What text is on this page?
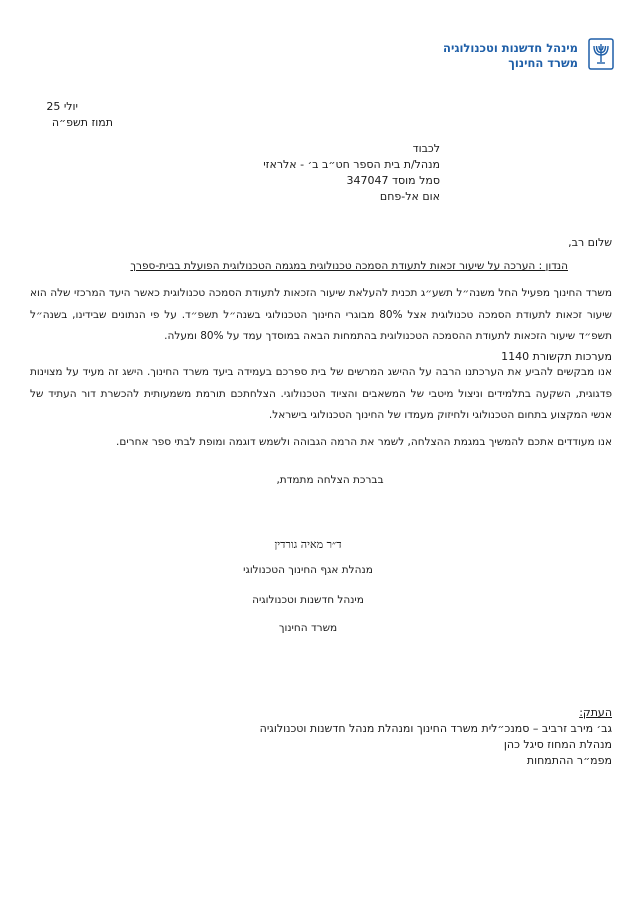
מינהל חדשנות וטכנולוגיה
משרד החינוך
יולי 25
תמוז תשפ״ה
לכבוד
מנהל/ת בית הספר חט״ב ב׳ - אלראזי
סמל מוסד 347047
אום אל-פחם
שלום רב,
הנדון : הערכה על שיעור זכאות לתעודת הסמכה טכנולוגית במגמה הטכנולוגית הפועלת בבית-ספרך
משרד החינוך מפעיל החל משנה״ל תשע״ג תכנית להעלאת שיעור הזכאות לתעודת הסמכה טכנולוגית כאשר היעד המרכזי שלה הוא שיעור זכאות לתעודת הסמכה טכנולוגית אצל 80% מבוגרי החינוך הטכנולוגי בשנה״ל תשפ״ד. על פי הנתונים שבידינו, בשנה״ל תשפ״ד שיעור הזכאות לתעודת ההסמכה הטכנולוגית בהתמחות הבאה במוסדך עמד על 80% ומעלה.
מערכות תקשורת 1140
אנו מבקשים להביע את הערכתנו הרבה על ההישג המרשים של בית ספרכם בעמידה ביעד משרד החינוך. הישג זה מעיד על מצוינות פדגוגית, השקעה בתלמידים וניצול מיטבי של המשאבים והציוד הטכנולוגי. הצלחתכם תורמת משמעותית להכשרת דור העתיד של אנשי המקצוע בתחום הטכנולוגי ולחיזוק מעמדו של החינוך הטכנולוגי בישראל.
אנו מעודדים אתכם להמשיך במגמת ההצלחה, לשמר את הרמה הגבוהה ולשמש דוגמה ומופת לבתי ספר אחרים.
בברכת הצלחה מתמדת,
ד״ר מאיה גורדין
מנהלת אגף החינוך הטכנולוגי
מינהל חדשנות וטכנולוגיה
משרד החינוך
העתק:
גב׳ מירב זרביב – סמנכ״לית משרד החינוך ומנהלת מנהל חדשנות וטכנולוגיה
מנהלת המחוז סיגל כהן
מפמ״ר ההתמחות
